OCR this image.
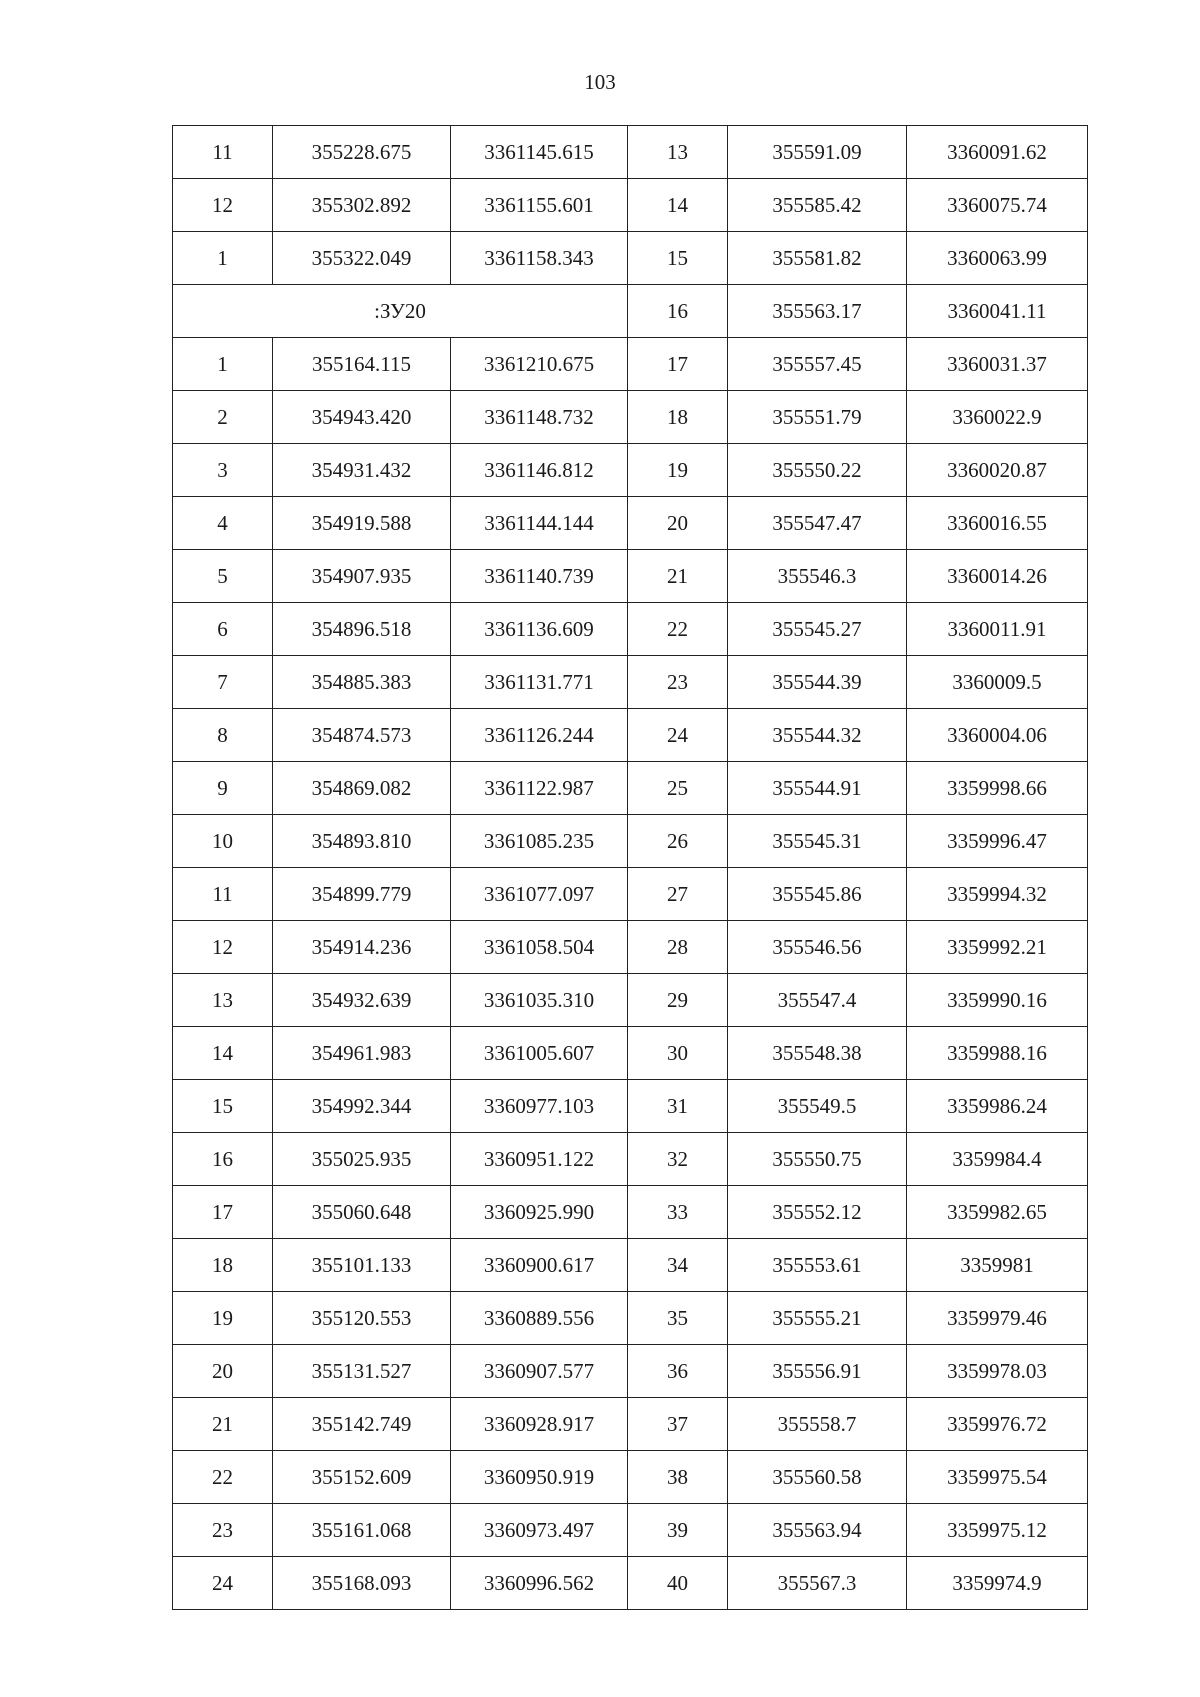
103
11	355228.675	3361145.615	13	355591.09	3360091.62
12	355302.892	3361155.601	14	355585.42	3360075.74
1	355322.049	3361158.343	15	355581.82	3360063.99
:ЗУ20			16	355563.17	3360041.11
1	355164.115	3361210.675	17	355557.45	3360031.37
2	354943.420	3361148.732	18	355551.79	3360022.9
3	354931.432	3361146.812	19	355550.22	3360020.87
4	354919.588	3361144.144	20	355547.47	3360016.55
5	354907.935	3361140.739	21	355546.3	3360014.26
6	354896.518	3361136.609	22	355545.27	3360011.91
7	354885.383	3361131.771	23	355544.39	3360009.5
8	354874.573	3361126.244	24	355544.32	3360004.06
9	354869.082	3361122.987	25	355544.91	3359998.66
10	354893.810	3361085.235	26	355545.31	3359996.47
11	354899.779	3361077.097	27	355545.86	3359994.32
12	354914.236	3361058.504	28	355546.56	3359992.21
13	354932.639	3361035.310	29	355547.4	3359990.16
14	354961.983	3361005.607	30	355548.38	3359988.16
15	354992.344	3360977.103	31	355549.5	3359986.24
16	355025.935	3360951.122	32	355550.75	3359984.4
17	355060.648	3360925.990	33	355552.12	3359982.65
18	355101.133	3360900.617	34	355553.61	3359981
19	355120.553	3360889.556	35	355555.21	3359979.46
20	355131.527	3360907.577	36	355556.91	3359978.03
21	355142.749	3360928.917	37	355558.7	3359976.72
22	355152.609	3360950.919	38	355560.58	3359975.54
23	355161.068	3360973.497	39	355563.94	3359975.12
24	355168.093	3360996.562	40	355567.3	3359974.9
